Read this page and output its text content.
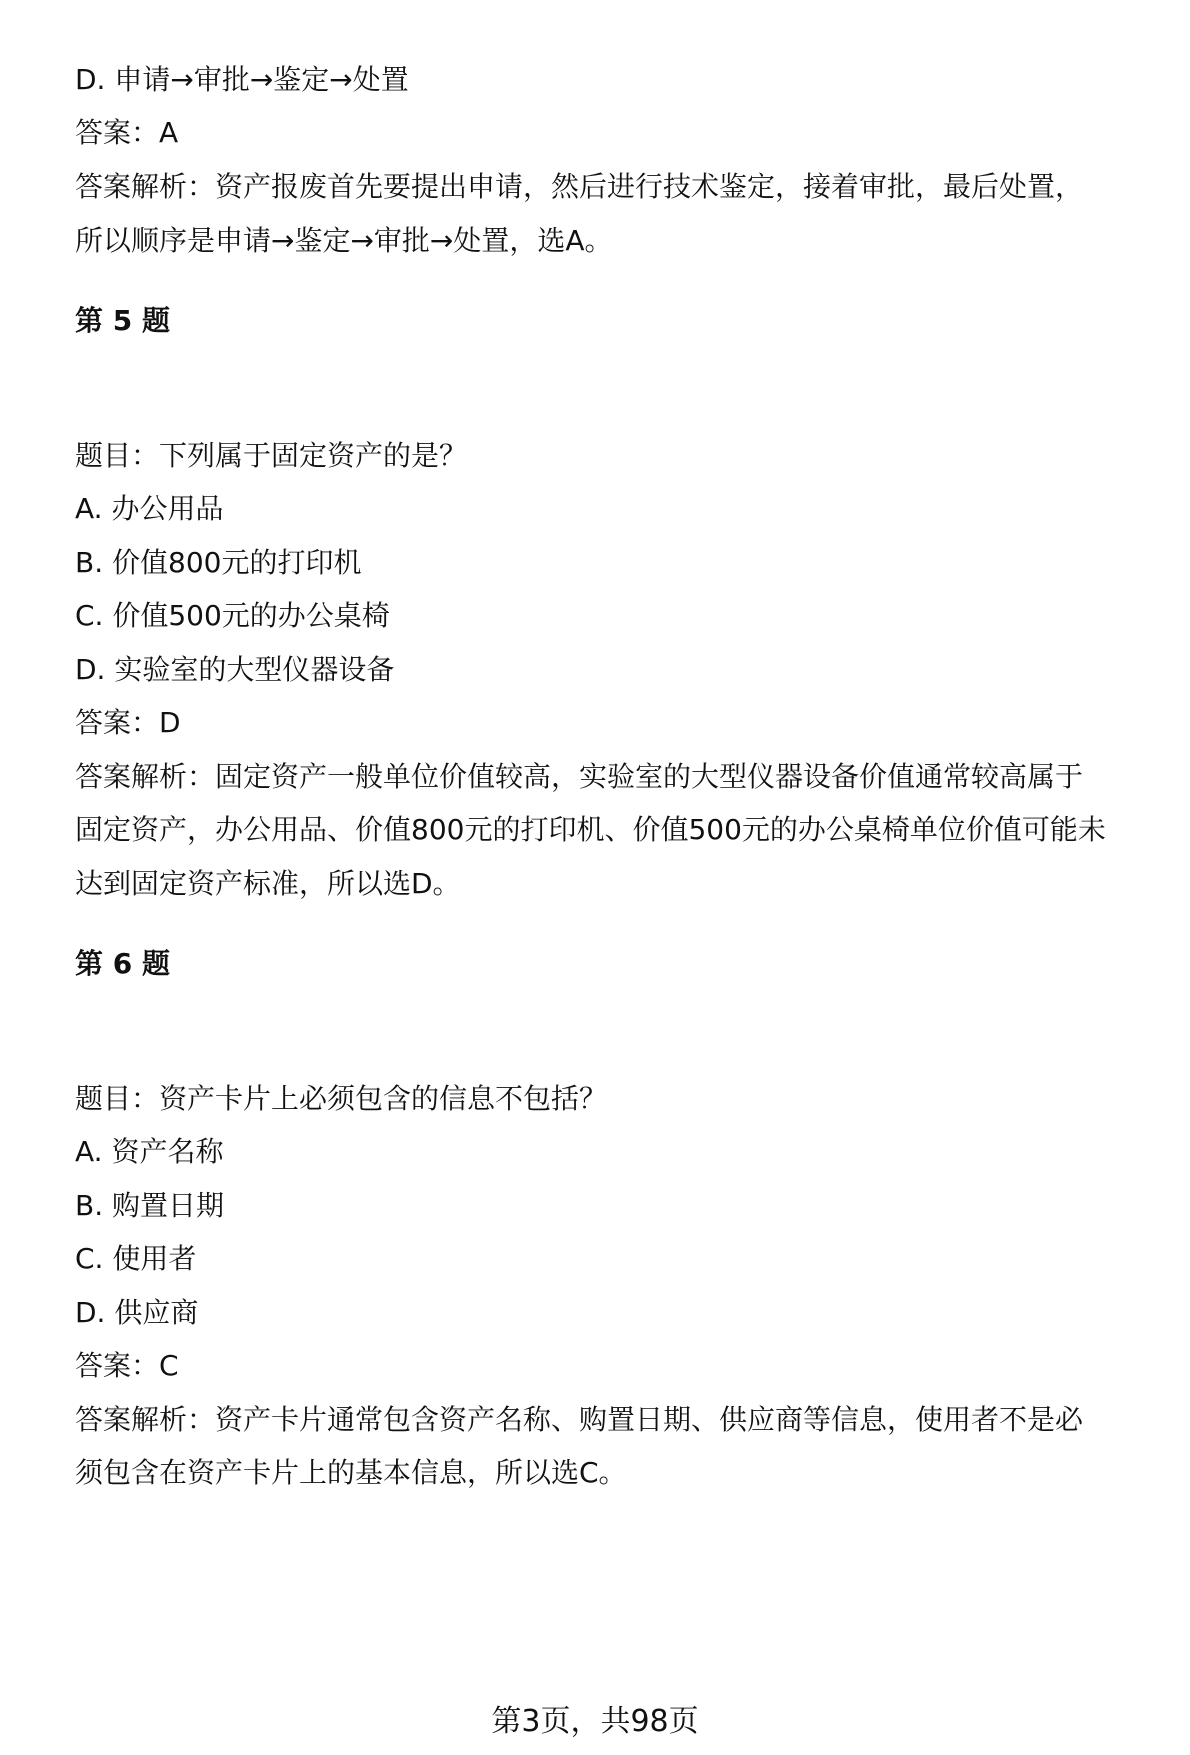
D. 申请→审批→鉴定→处置
答案：A
答案解析：资产报废首先要提出申请，然后进行技术鉴定，接着审批，最后处置，
所以顺序是申请→鉴定→审批→处置，选A。
第 5 题
题目：下列属于固定资产的是？
A. 办公用品
B. 价值800元的打印机
C. 价值500元的办公桌椅
D. 实验室的大型仪器设备
答案：D
答案解析：固定资产一般单位价值较高，实验室的大型仪器设备价值通常较高属于
固定资产，办公用品、价值800元的打印机、价值500元的办公桌椅单位价值可能未
达到固定资产标准，所以选D。
第 6 题
题目：资产卡片上必须包含的信息不包括？
A. 资产名称
B. 购置日期
C. 使用者
D. 供应商
答案：C
答案解析：资产卡片通常包含资产名称、购置日期、供应商等信息，使用者不是必
须包含在资产卡片上的基本信息，所以选C。
第3页，共98页
